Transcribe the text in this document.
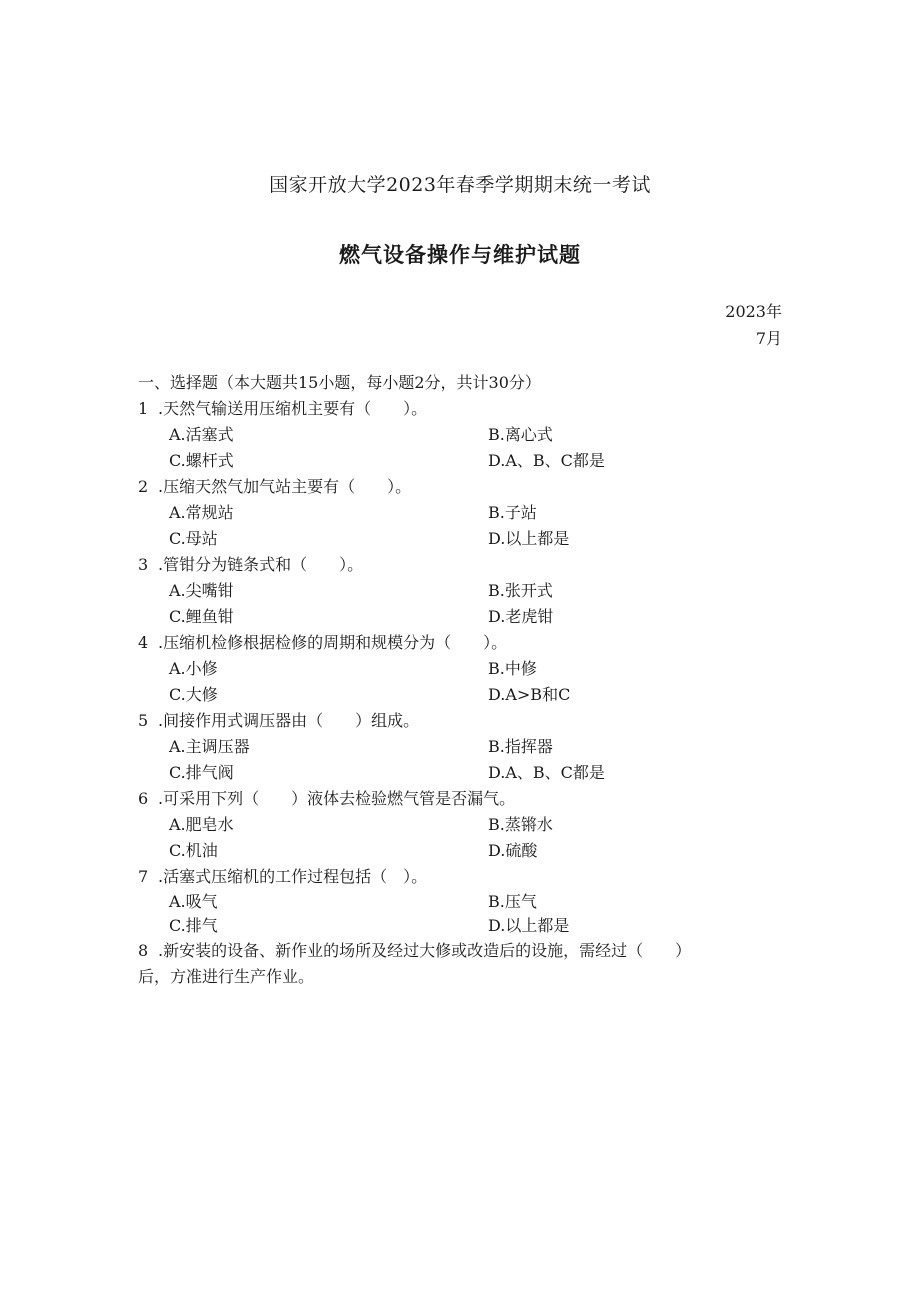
国家开放大学2023年春季学期期末统一考试
燃气设备操作与维护试题
2023年
7月
一、选择题（本大题共15小题，每小题2分，共计30分）
1 .天然气输送用压缩机主要有（　　）。
A.活塞式	B.离心式
C.螺杆式	D.A、B、C都是
2 .压缩天然气加气站主要有（　　）。
A.常规站	B.子站
C.母站	D.以上都是
3 .管钳分为链条式和（　　）。
A.尖嘴钳	B.张开式
C.鲤鱼钳	D.老虎钳
4 .压缩机检修根据检修的周期和规模分为（　　）。
A.小修	B.中修
C.大修	D.A>B和C
5 .间接作用式调压器由（　　）组成。
A.主调压器	B.指挥器
C.排气阀	D.A、B、C都是
6 .可采用下列（　　）液体去检验燃气管是否漏气。
A.肥皂水	B.蒸锵水
C.机油	D.硫酸
7 .活塞式压缩机的工作过程包括（　）。
A.吸气	B.压气
C.排气	D.以上都是
8 .新安装的设备、新作业的场所及经过大修或改造后的设施，需经过（　　）
后，方准进行生产作业。
